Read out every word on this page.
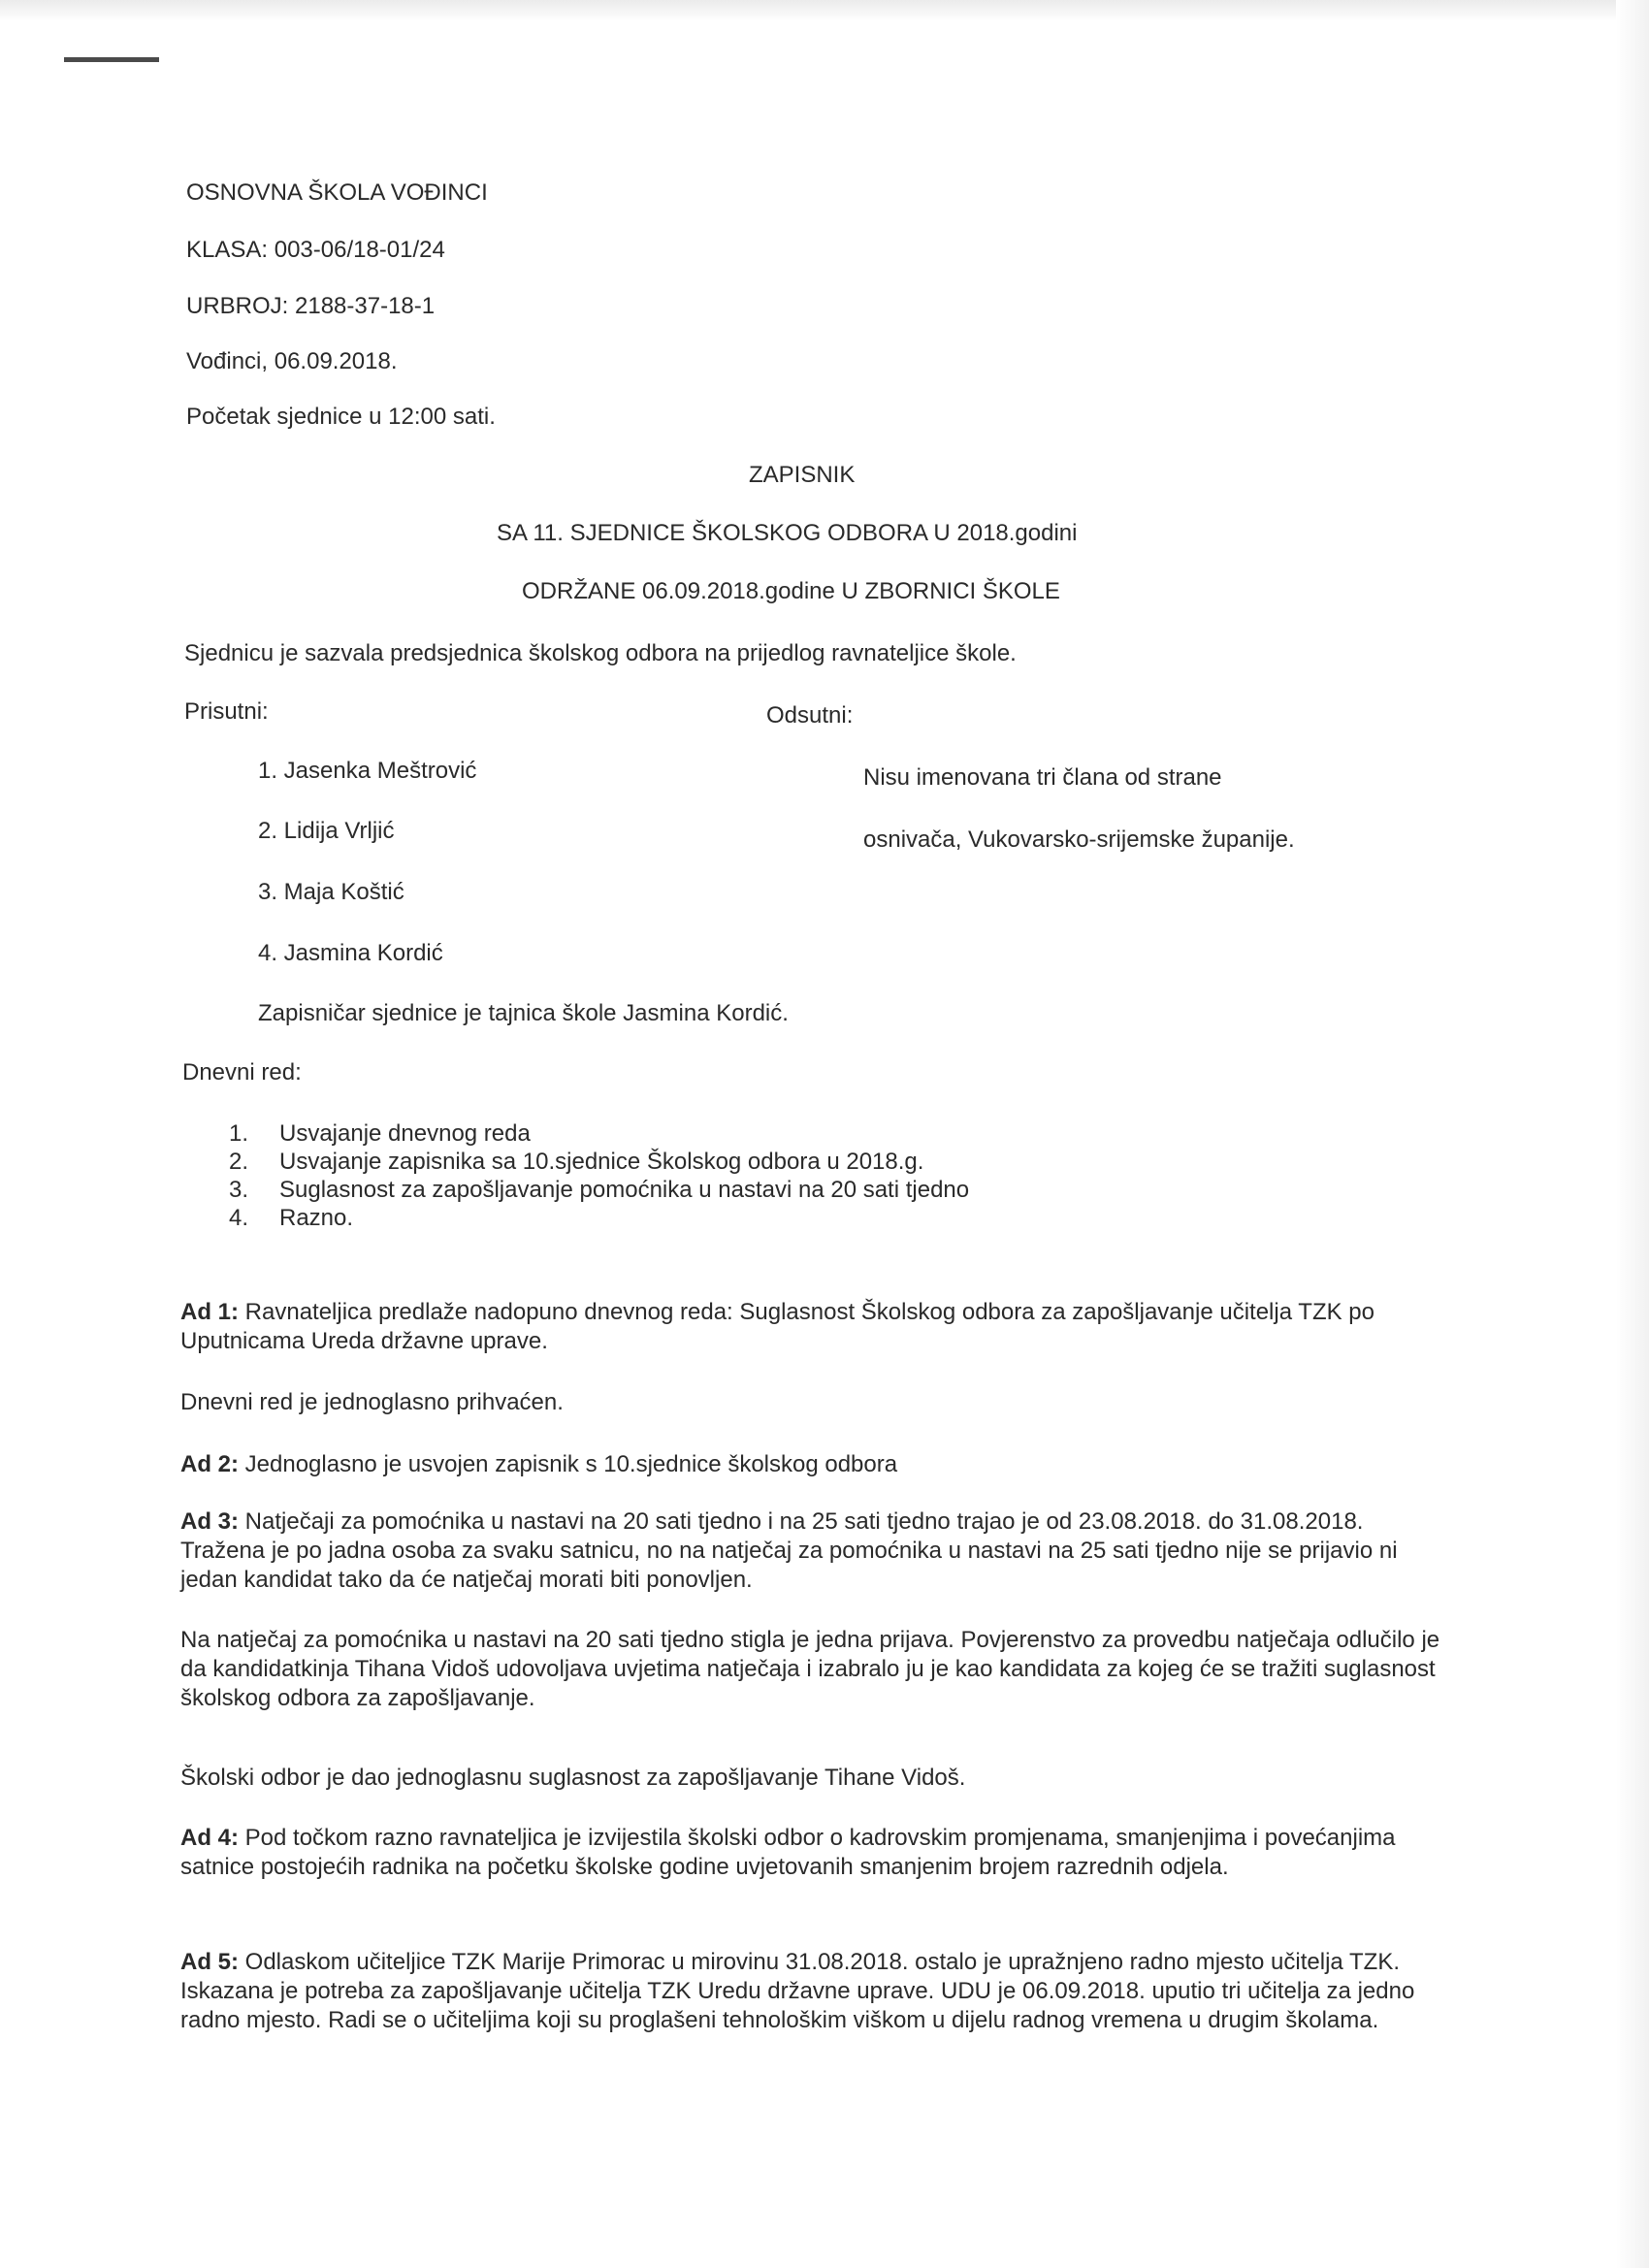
OSNOVNA ŠKOLA VOĐINCI
KLASA: 003-06/18-01/24
URBROJ: 2188-37-18-1
Vođinci, 06.09.2018.
Početak sjednice u 12:00 sati.
ZAPISNIK
SA 11. SJEDNICE ŠKOLSKOG ODBORA U 2018.godini
ODRŽANE 06.09.2018.godine U ZBORNICI ŠKOLE
Sjednicu je sazvala predsjednica školskog odbora na prijedlog ravnateljice škole.
Prisutni:	Odsutni:
1. Jasenka Meštrović
2. Lidija Vrljić
3. Maja Koštić
4. Jasmina Kordić
Nisu imenovana tri člana od strane
osnivača, Vukovarsko-srijemske županije.
Zapisničar sjednice je tajnica škole Jasmina Kordić.
Dnevni red:
1. Usvajanje dnevnog reda
2. Usvajanje zapisnika sa 10.sjednice Školskog odbora u 2018.g.
3. Suglasnost za zapošljavanje pomoćnika u nastavi na 20 sati tjedno
4. Razno.
Ad 1: Ravnateljica predlaže nadopuno dnevnog reda: Suglasnost Školskog odbora za zapošljavanje učitelja TZK po Uputnicama Ureda državne uprave.
Dnevni red je jednoglasno prihvaćen.
Ad 2: Jednoglasno je usvojen zapisnik s 10.sjednice školskog odbora
Ad 3: Natječaji za pomoćnika u nastavi na 20 sati tjedno i na 25 sati tjedno trajao je od 23.08.2018. do 31.08.2018. Tražena je po jadna osoba za svaku satnicu, no na natječaj za pomoćnika u nastavi na 25 sati tjedno nije se prijavio ni jedan kandidat tako da će natječaj morati biti ponovljen.
Na natječaj za pomoćnika u nastavi na 20 sati tjedno stigla je jedna prijava. Povjerenstvo za provedbu natječaja odlučilo je da kandidatkinja Tihana Vidoš udovoljava uvjetima natječaja i izabralo ju je kao kandidata za kojeg će se tražiti suglasnost školskog odbora za zapošljavanje.
Školski odbor je dao jednoglasnu suglasnost za zapošljavanje Tihane Vidoš.
Ad 4: Pod točkom razno ravnateljica je izvijestila školski odbor o kadrovskim promjenama, smanjenjima i povećanjima satnice postojećih radnika na početku školske godine uvjetovanih smanjenim brojem razrednih odjela.
Ad 5: Odlaskom učiteljice TZK Marije Primorac u mirovinu 31.08.2018. ostalo je upražnjeno radno mjesto učitelja TZK. Iskazana je potreba za zapošljavanje učitelja TZK Uredu državne uprave. UDU je 06.09.2018. uputio tri učitelja za jedno radno mjesto. Radi se o učiteljima koji su proglašeni tehnološkim viškom u dijelu radnog vremena u drugim školama.
